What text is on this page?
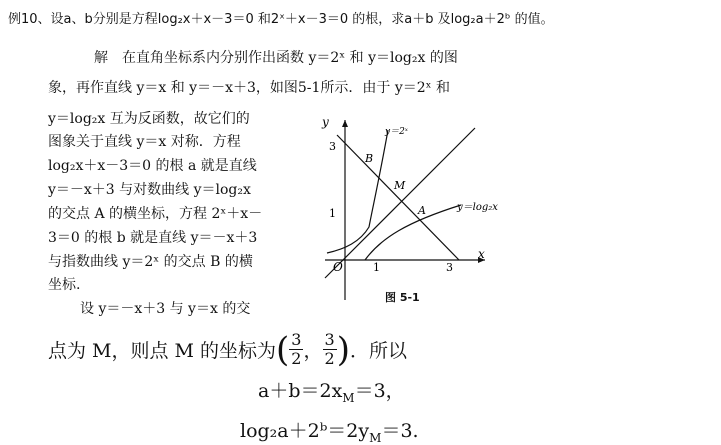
例10、设a、b分别是方程log₂x＋x－3＝0 和2ˣ＋x－3＝0 的根，求a＋b 及log₂a＋2ᵇ 的值。
解　在直角坐标系内分别作出函数 y＝2ˣ 和 y＝log₂x 的图
象，再作直线 y＝x 和 y＝－x＋3，如图5-1所示．由于 y＝2ˣ 和
y＝log₂x 互为反函数，故它们的
图象关于直线 y＝x 对称．方程
log₂x＋x－3＝0 的根 a 就是直线
y＝－x＋3 与对数曲线 y＝log₂x
的交点 A 的横坐标，方程 2ˣ＋x－
3＝0 的根 b 就是直线 y＝－x＋3
与指数曲线 y＝2ˣ 的交点 B 的横
坐标.
设 y＝－x＋3 与 y＝x 的交
y
x
O
3
1
1	3
B
M
A
y＝2ˣ
y＝log₂x
图 5-1
点为 M，则点 M 的坐标为 ( $\frac{3}{2}$ ， $\frac{3}{2}$ ) ．所以
$a+b=2x_M=3$，
$\log_2a+2ᵇ=2y_M=3$.
